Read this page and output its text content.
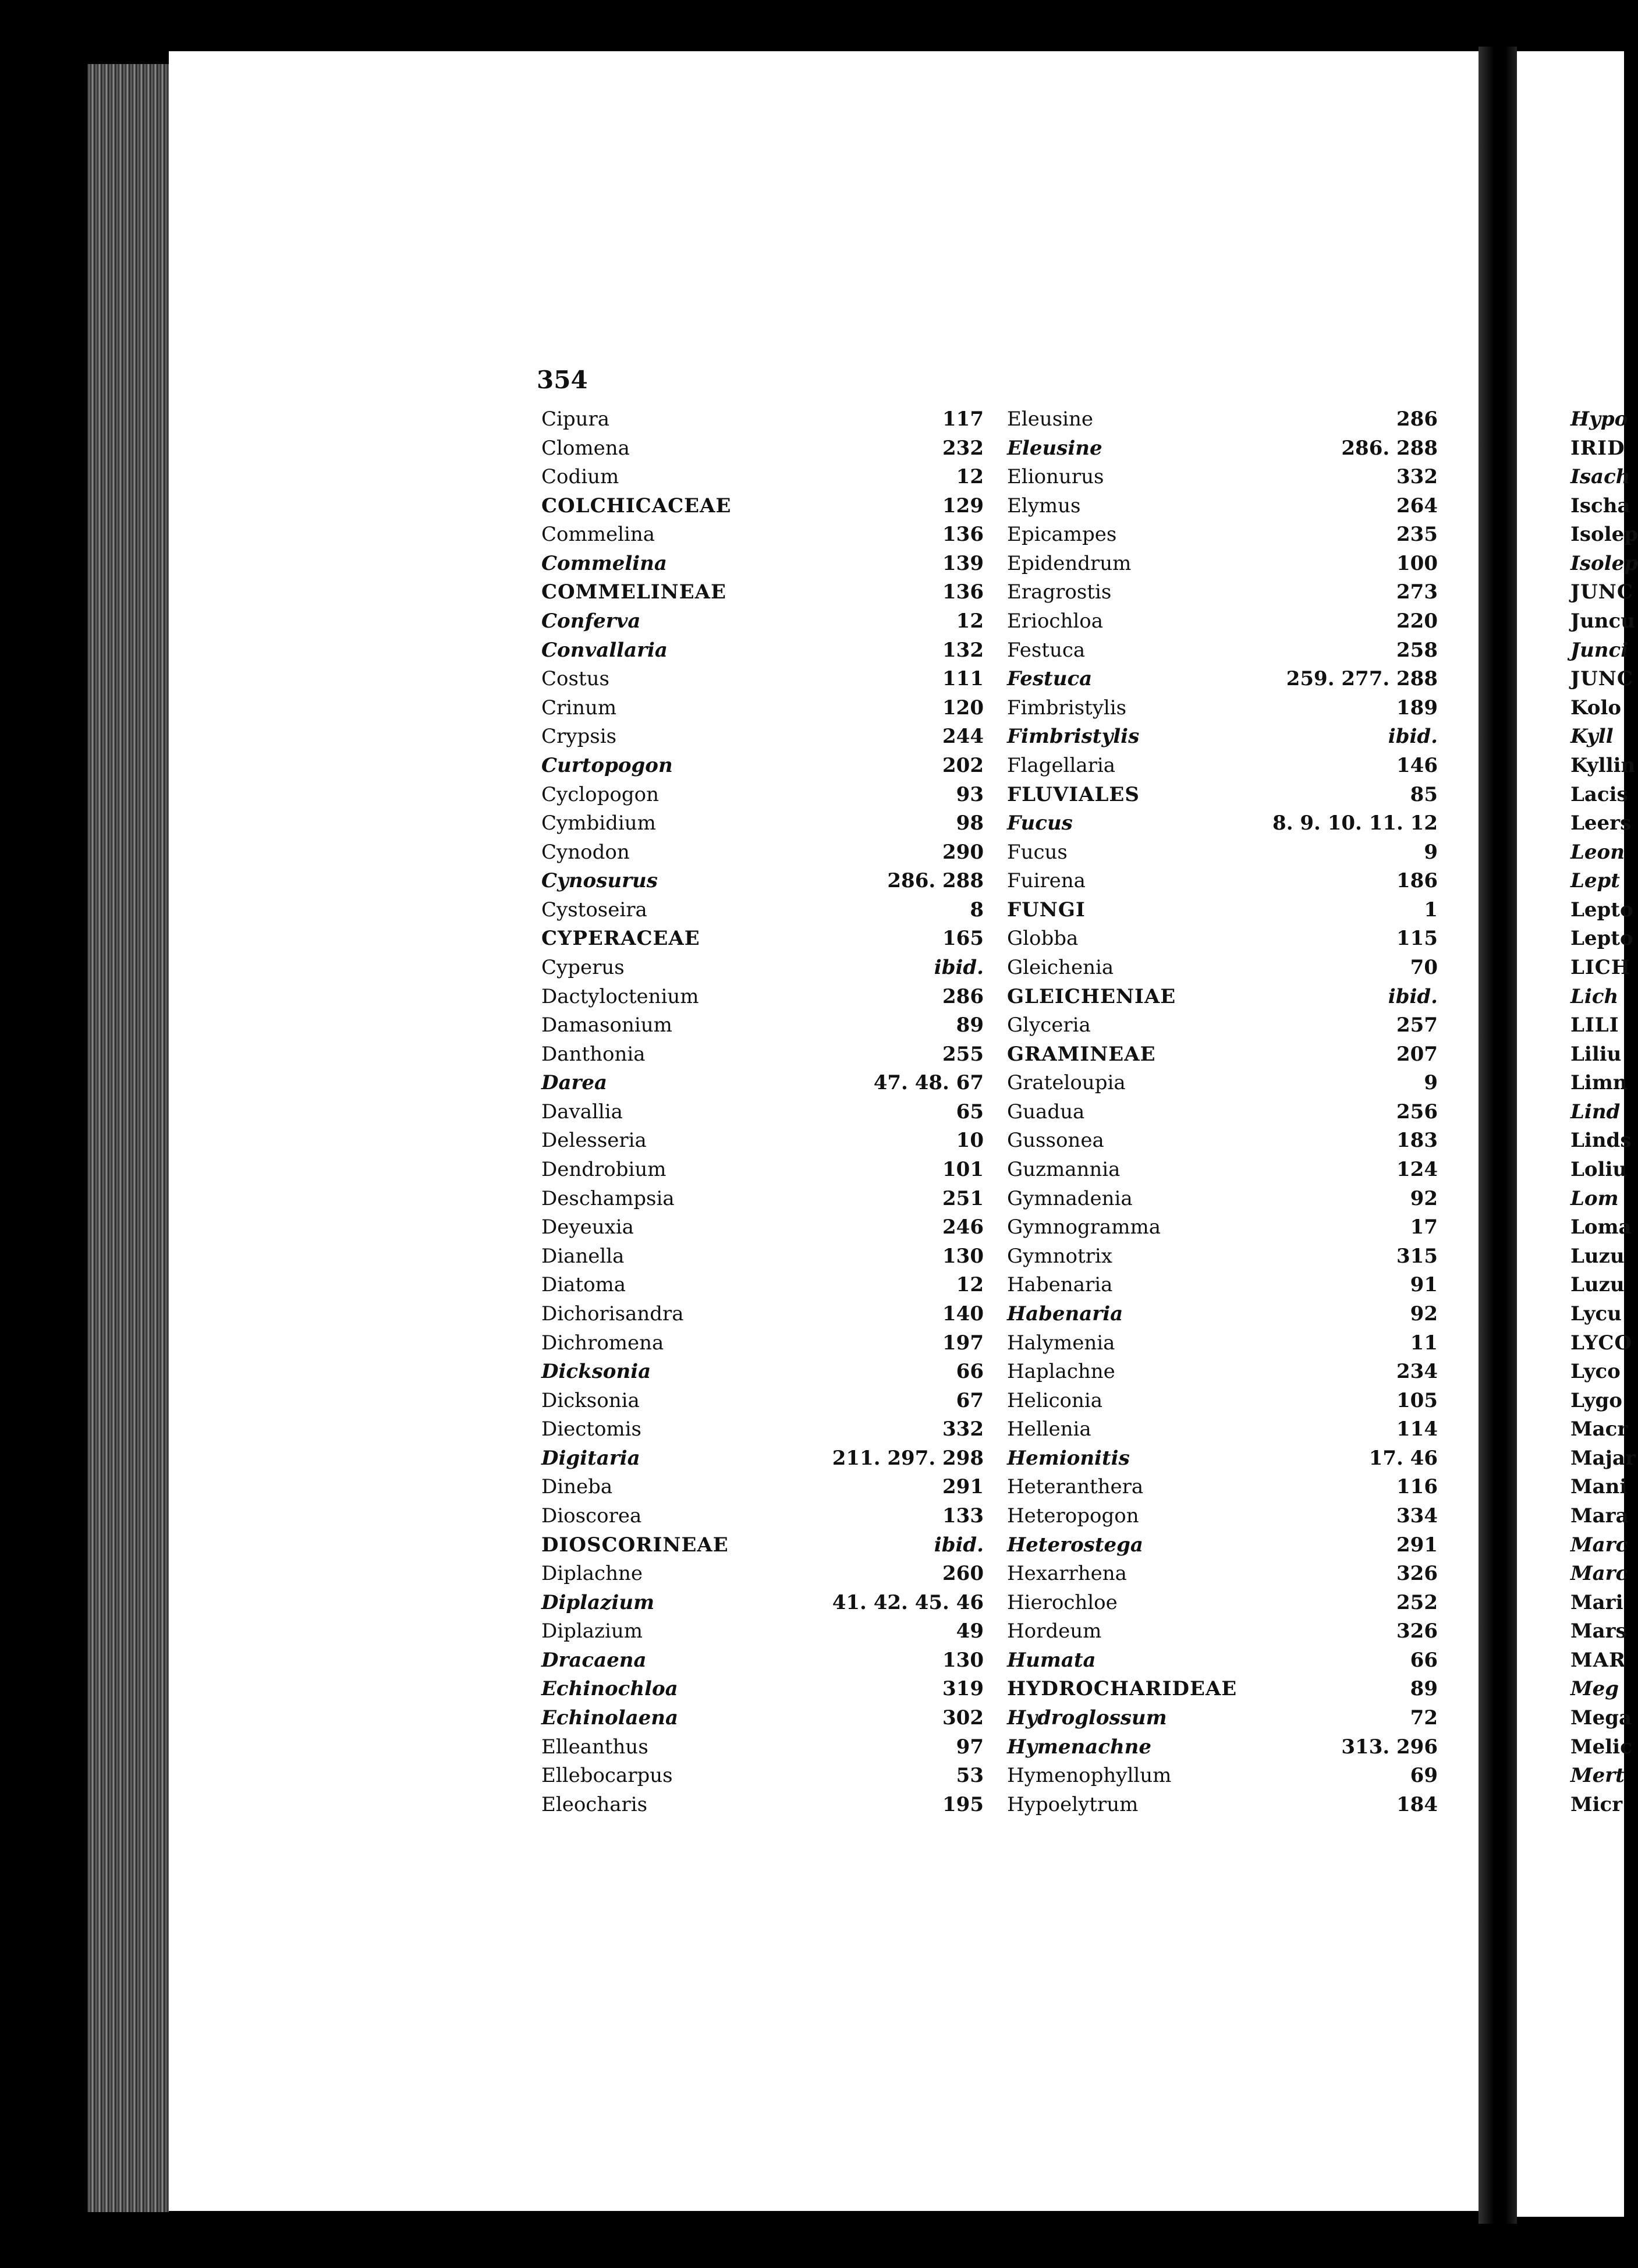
354
Cipura	117
Clomena	232
Codium	12
COLCHICACEAE	129
Commelina	136
Commelina	139
COMMELINEAE	136
Conferva	12
Convallaria	132
Costus	111
Crinum	120
Crypsis	244
Curtopogon	202
Cyclopogon	93
Cymbidium	98
Cynodon	290
Cynosurus	286. 288
Cystoseira	8
CYPERACEAE	165
Cyperus	ibid.
Dactyloctenium	286
Damasonium	89
Danthonia	255
Darea	47. 48. 67
Davallia	65
Delesseria	10
Dendrobium	101
Deschampsia	251
Deyeuxia	246
Dianella	130
Diatoma	12
Dichorisandra	140
Dichromena	197
Dicksonia	66
Dicksonia	67
Diectomis	332
Digitaria	211. 297. 298
Dineba	291
Dioscorea	133
DIOSCORINEAE	ibid.
Diplachne	260
Diplazium	41. 42. 45. 46
Diplazium	49
Dracaena	130
Echinochloa	319
Echinolaena	302
Elleanthus	97
Ellebocarpus	53
Eleocharis	195
Eleusine	286
Eleusine	286. 288
Elionurus	332
Elymus	264
Epicampes	235
Epidendrum	100
Eragrostis	273
Eriochloa	220
Festuca	258
Festuca	259. 277. 288
Fimbristylis	189
Fimbristylis	ibid.
Flagellaria	146
FLUVIALES	85
Fucus	8. 9. 10. 11. 12
Fucus	9
Fuirena	186
FUNGI	1
Globba	115
Gleichenia	70
GLEICHENIAE	ibid.
Glyceria	257
GRAMINEAE	207
Grateloupia	9
Guadua	256
Gussonea	183
Guzmannia	124
Gymnadenia	92
Gymnogramma	17
Gymnotrix	315
Habenaria	91
Habenaria	92
Halymenia	11
Haplachne	234
Heliconia	105
Hellenia	114
Hemionitis	17. 46
Heteranthera	116
Heteropogon	334
Heterostega	291
Hexarrhena	326
Hierochloe	252
Hordeum	326
Humata	66
HYDROCHARIDEAE	89
Hydroglossum	72
Hymenachne	313. 296
Hymenophyllum	69
Hypoelytrum	184
Hypo
IRID
Isach
Ischa
Isolep
Isolep
JUNC
Juncu
Junci
JUNC
Kolo
Kyll
Kyllin
Lacis
Leers
Leon
Lept
Lepto
Lepto
LICH
Lich
LILI
Liliu
Limn
Lind
Linds
Loliu
Lom
Loma
Luzu
Luzu
Lycu
LYCO
Lyco
Lygo
Macr
Majar
Mani
Mara
Marc
Marc
Mari
Mars
MAR
Meg
Mega
Melic
Mert
Micr
